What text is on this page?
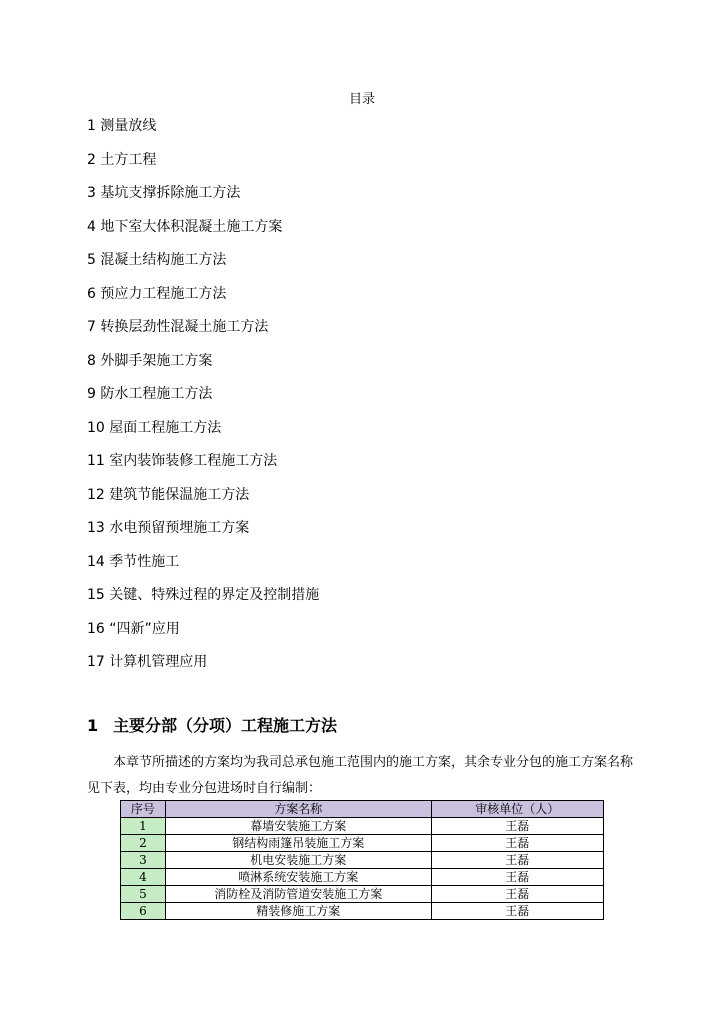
目录
1 测量放线
2 土方工程
3 基坑支撑拆除施工方法
4 地下室大体积混凝土施工方案
5 混凝土结构施工方法
6 预应力工程施工方法
7 转换层劲性混凝土施工方法
8 外脚手架施工方案
9 防水工程施工方法
10 屋面工程施工方法
11 室内装饰装修工程施工方法
12 建筑节能保温施工方法
13 水电预留预埋施工方案
14 季节性施工
15 关键、特殊过程的界定及控制措施
16 “四新”应用
17 计算机管理应用
1 主要分部（分项）工程施工方法

本章节所描述的方案均为我司总承包施工范围内的施工方案，其余专业分包的施工方案名称见下表，均由专业分包进场时自行编制：

序号	方案名称	审核单位（人）
1	幕墙安装施工方案	王磊
2	钢结构雨篷吊装施工方案	王磊
3	机电安装施工方案	王磊
4	喷淋系统安装施工方案	王磊
5	消防栓及消防管道安装施工方案	王磊
6	精装修施工方案	王磊
